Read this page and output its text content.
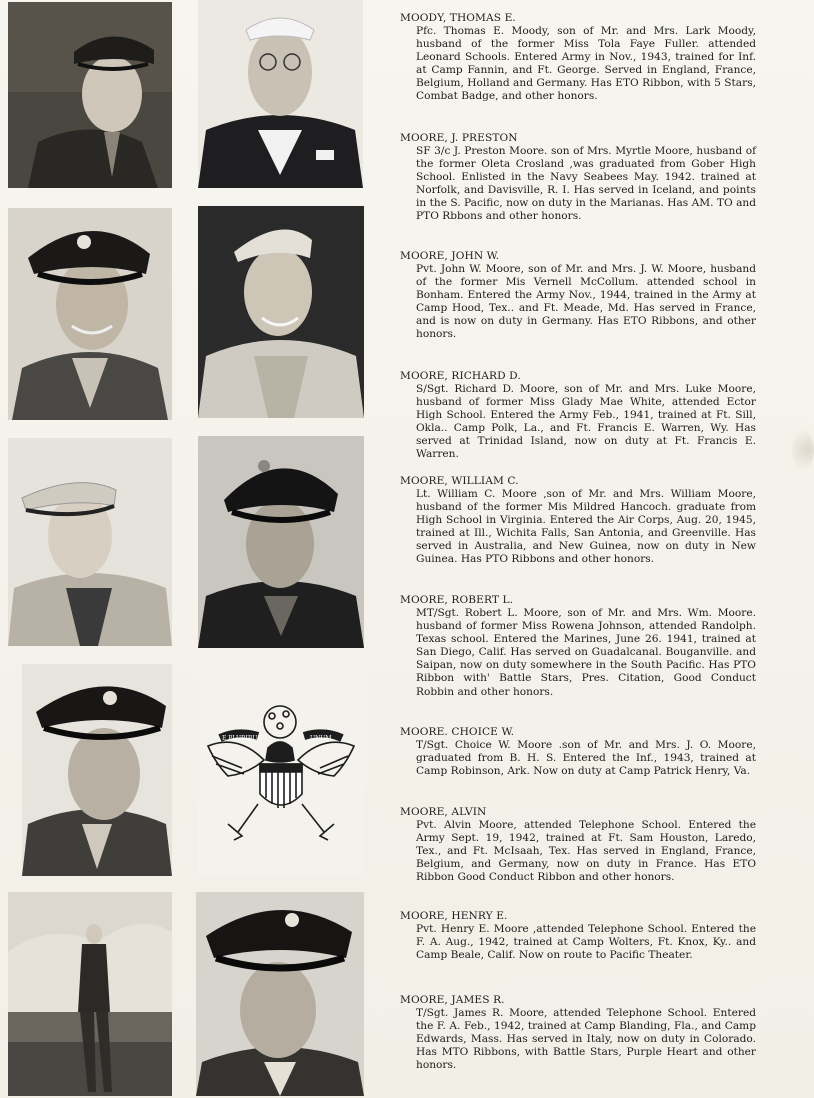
E PLURIBUS	UNUM

MOODY, THOMAS E.

Pfc. Thomas E. Moody, son of Mr. and Mrs. Lark Moody, husband of the former Miss Tola Faye Fuller. attended Leonard Schools. Entered Army in Nov., 1943, trained for Inf. at Camp Fannin, and Ft. George. Served in England, France, Belgium, Holland and Germany. Has ETO Ribbon, with 5 Stars, Combat Badge, and other honors.

MOORE, J. PRESTON

SF 3/c J. Preston Moore. son of Mrs. Myrtle Moore, husband of the former Oleta Crosland ,was graduated from Gober High School. Enlisted in the Navy Seabees May. 1942. trained at Norfolk, and Davisville, R. I. Has served in Iceland, and points in the S. Pacific, now on duty in the Marianas. Has AM. TO and PTO Rbbons and other honors.

MOORE, JOHN W.

Pvt. John W. Moore, son of Mr. and Mrs. J. W. Moore, husband of the former Mis Vernell McCollum. attended school in Bonham. Entered the Army Nov., 1944, trained in the Army at Camp Hood, Tex.. and Ft. Meade, Md. Has served in France, and is now on duty in Germany. Has ETO Ribbons, and other honors.

MOORE, RICHARD D.

S/Sgt. Richard D. Moore, son of Mr. and Mrs. Luke Moore, husband of former Miss Glady Mae White, attended Ector High School. Entered the Army Feb., 1941, trained at Ft. Sill, Okla.. Camp Polk, La., and Ft. Francis E. Warren, Wy. Has served at Trinidad Island, now on duty at Ft. Francis E. Warren.

MOORE, WILLIAM C.

Lt. William C. Moore ,son of Mr. and Mrs. William Moore, husband of the former Mis Mildred Hancoch. graduate from High School in Virginia. Entered the Air Corps, Aug. 20, 1945, trained at Ill., Wichita Falls, San Antonia, and Greenville. Has served in Australia, and New Guinea, now on duty in New Guinea. Has PTO Ribbons and other honors.

MOORE, ROBERT L.

MT/Sgt. Robert L. Moore, son of Mr. and Mrs. Wm. Moore. husband of former Miss Rowena Johnson, attended Randolph. Texas school. Entered the Marines, June 26. 1941, trained at San Diego, Calif. Has served on Guadalcanal. Bouganville. and Saipan, now on duty somewhere in the South Pacific. Has PTO Ribbon with' Battle Stars, Pres. Citation, Good Conduct Robbin and other honors.

MOORE. CHOICE W.

T/Sgt. Choice W. Moore .son of Mr. and Mrs. J. O. Moore, graduated from B. H. S. Entered the Inf., 1943, trained at Camp Robinson, Ark. Now on duty at Camp Patrick Henry, Va.

MOORE, ALVIN

Pvt. Alvin Moore, attended Telephone School. Entered the Army Sept. 19, 1942, trained at Ft. Sam Houston, Laredo, Tex., and Ft. McIsaah, Tex. Has served in England, France, Belgium, and Germany, now on duty in France. Has ETO Ribbon Good Conduct Ribbon and other honors.

MOORE, HENRY E.

Pvt. Henry E. Moore ,attended Telephone School. Entered the F. A. Aug., 1942, trained at Camp Wolters, Ft. Knox, Ky.. and Camp Beale, Calif. Now on route to Pacific Theater.

MOORE, JAMES R.

T/Sgt. James R. Moore, attended Telephone School. Entered the F. A. Feb., 1942, trained at Camp Blanding, Fla., and Camp Edwards, Mass. Has served in Italy, now on duty in Colorado. Has MTO Ribbons, with Battle Stars, Purple Heart and other honors.
